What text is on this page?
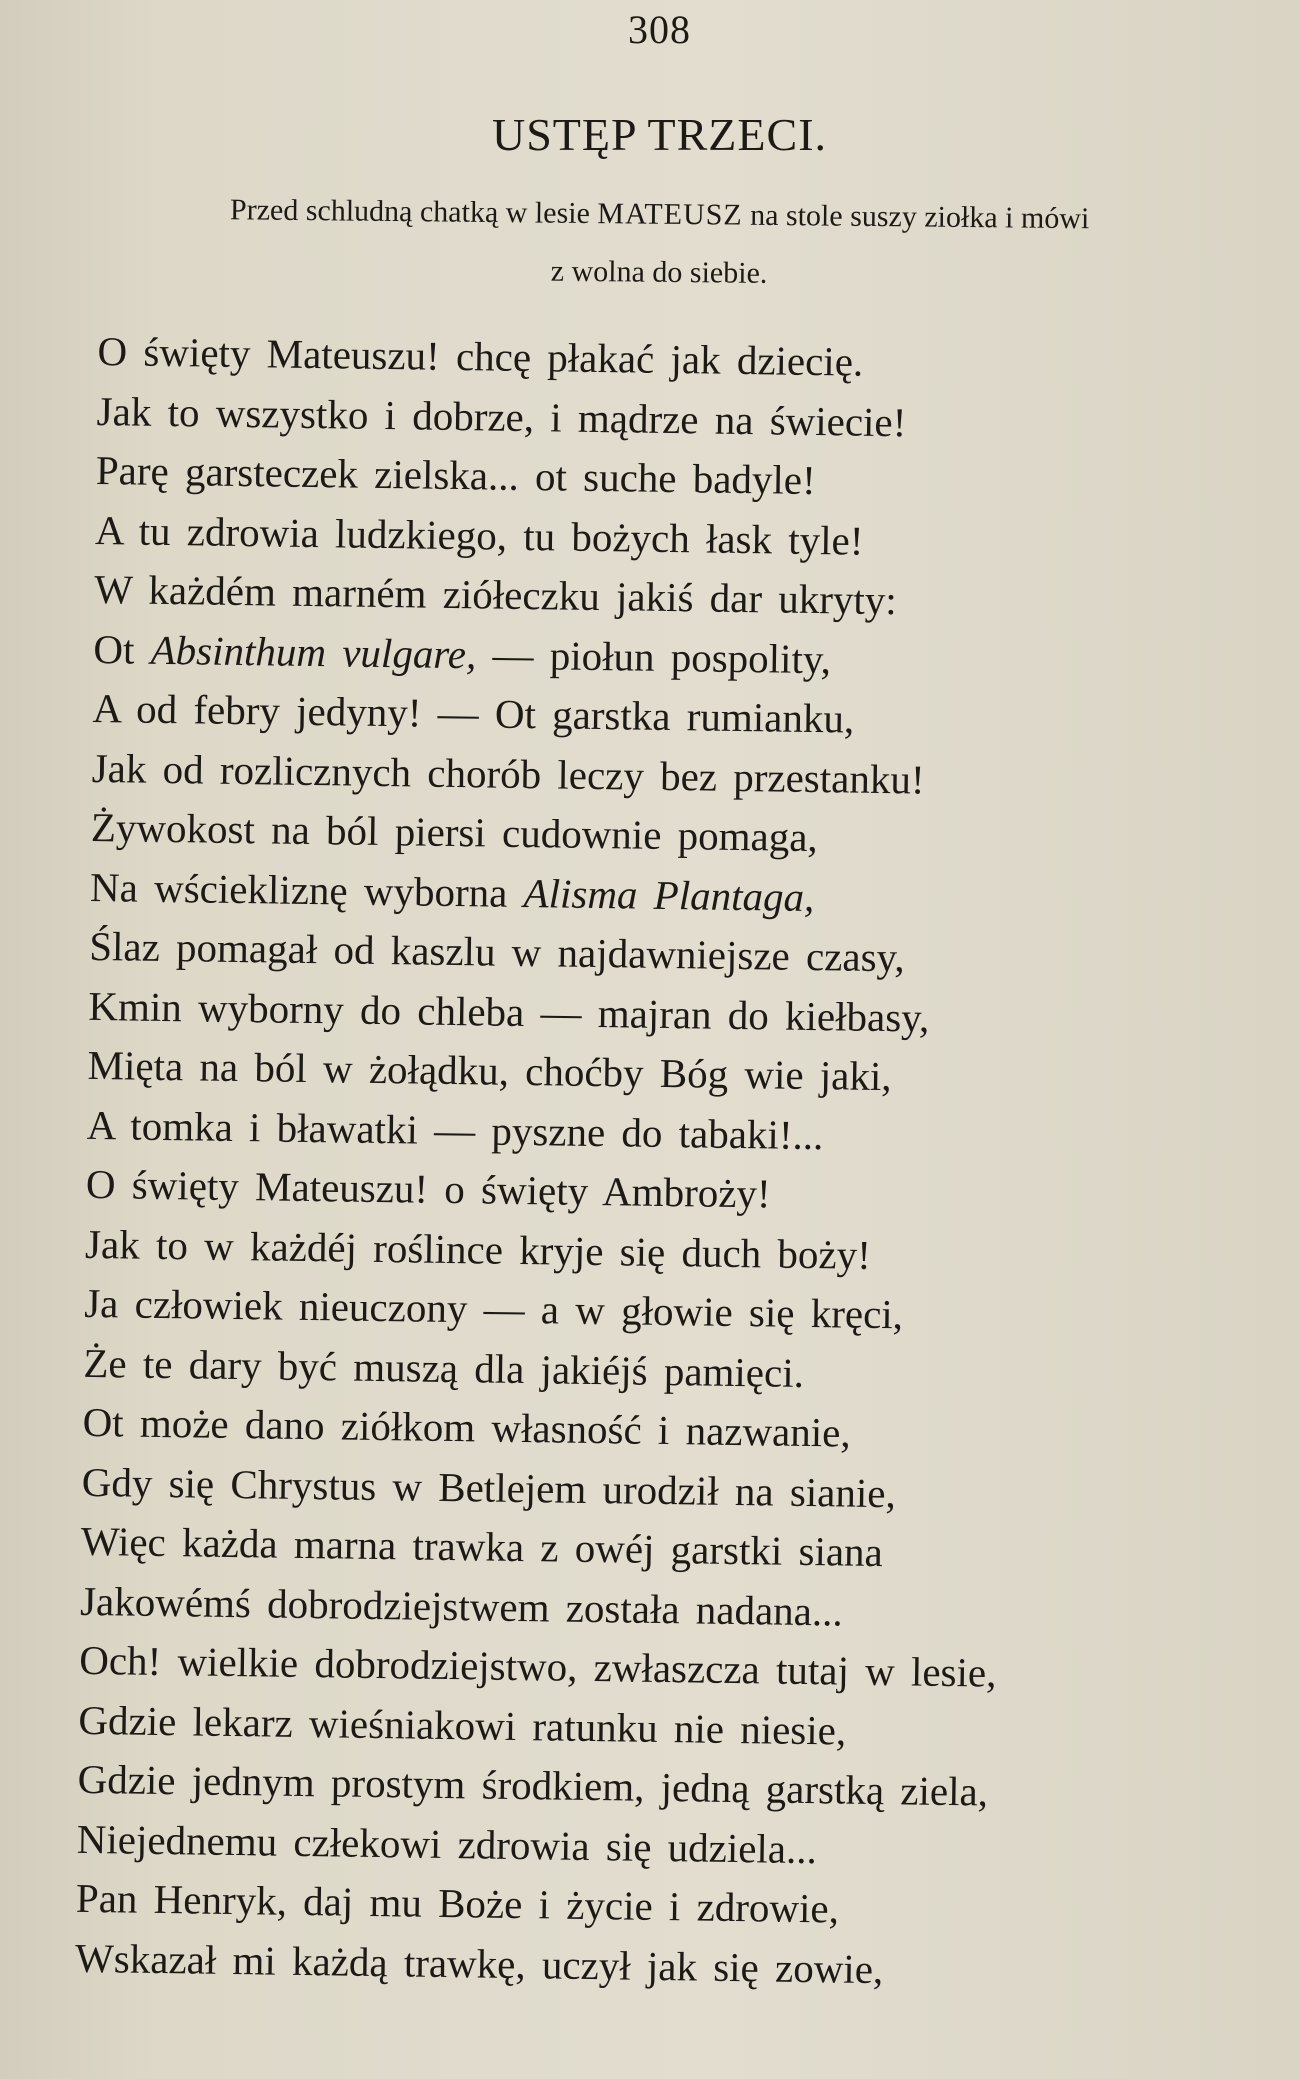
308
USTĘP TRZECI.
Przed schludną chatką w lesie MATEUSZ na stole suszy ziołka i mówi
z wolna do siebie.
O święty Mateuszu! chcę płakać jak dziecię.
Jak to wszystko i dobrze, i mądrze na świecie!
Parę garsteczek zielska... ot suche badyle!
A tu zdrowia ludzkiego, tu bożych łask tyle!
W każdém marném ziółeczku jakiś dar ukryty:
Ot Absinthum vulgare, — piołun pospolity,
A od febry jedyny! — Ot garstka rumianku,
Jak od rozlicznych chorób leczy bez przestanku!
Żywokost na ból piersi cudownie pomaga,
Na wściekliznę wyborna Alisma Plantaga,
Ślaz pomagał od kaszlu w najdawniejsze czasy,
Kmin wyborny do chleba — majran do kiełbasy,
Mięta na ból w żołądku, choćby Bóg wie jaki,
A tomka i bławatki — pyszne do tabaki!...
O święty Mateuszu! o święty Ambroży!
Jak to w każdéj roślince kryje się duch boży!
Ja człowiek nieuczony — a w głowie się kręci,
Że te dary być muszą dla jakiéjś pamięci.
Ot może dano ziółkom własność i nazwanie,
Gdy się Chrystus w Betlejem urodził na sianie,
Więc każda marna trawka z owéj garstki siana
Jakowémś dobrodziejstwem została nadana...
Och! wielkie dobrodziejstwo, zwłaszcza tutaj w lesie,
Gdzie lekarz wieśniakowi ratunku nie niesie,
Gdzie jednym prostym środkiem, jedną garstką ziela,
Niejednemu człekowi zdrowia się udziela...
Pan Henryk, daj mu Boże i życie i zdrowie,
Wskazał mi każdą trawkę, uczył jak się zowie,
